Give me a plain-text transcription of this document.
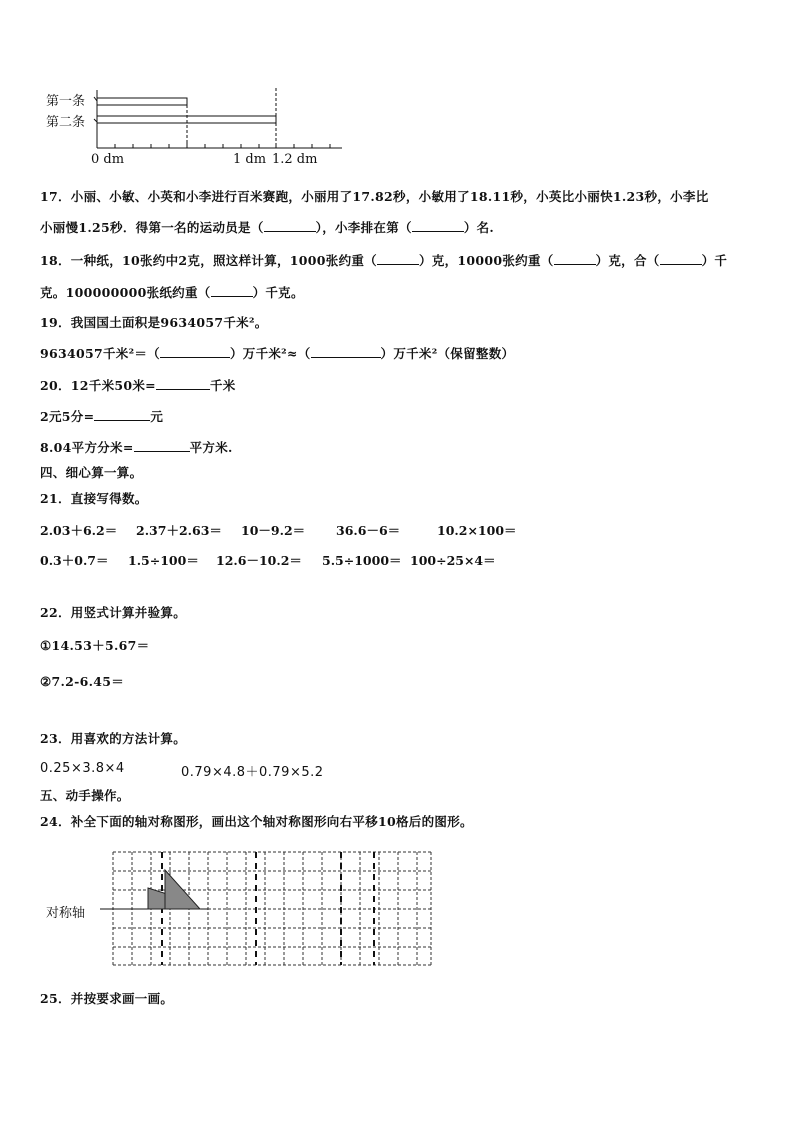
第一条
第二条
0 dm	1 dm 1.2 dm
17．小丽、小敏、小英和小李进行百米赛跑，小丽用了17.82秒，小敏用了18.11秒，小英比小丽快1.23秒，小李比
小丽慢1.25秒．得第一名的运动员是（	），小李排在第（	）名.
18．一种纸，10张约中2克，照这样计算，1000张约重（	）克，10000张约重（	）克，合（	）千
克。100000000张纸约重（	）千克。
19．我国国土面积是9634057千米²。
9634057千米²＝（	）万千米²≈（	）万千米²（保留整数）
20．12千米50米=	千米
2元5分=	元
8.04平方分米=	平方米.
四、细心算一算。
21．直接写得数。
2.03＋6.2＝ 2.37＋2.63＝ 10－9.2＝ 36.6－6＝	10.2×100＝
0.3＋0.7＝ 1.5÷100＝ 12.6－10.2＝ 5.5÷1000＝ 100÷25×4＝
22．用竖式计算并验算。
①14.53＋5.67＝
②7.2-6.45＝
23．用喜欢的方法计算。
0.25×3.8×4	0.79×4.8＋0.79×5.2
五、动手操作。
24．补全下面的轴对称图形，画出这个轴对称图形向右平移10格后的图形。
对称轴
25．并按要求画一画。
